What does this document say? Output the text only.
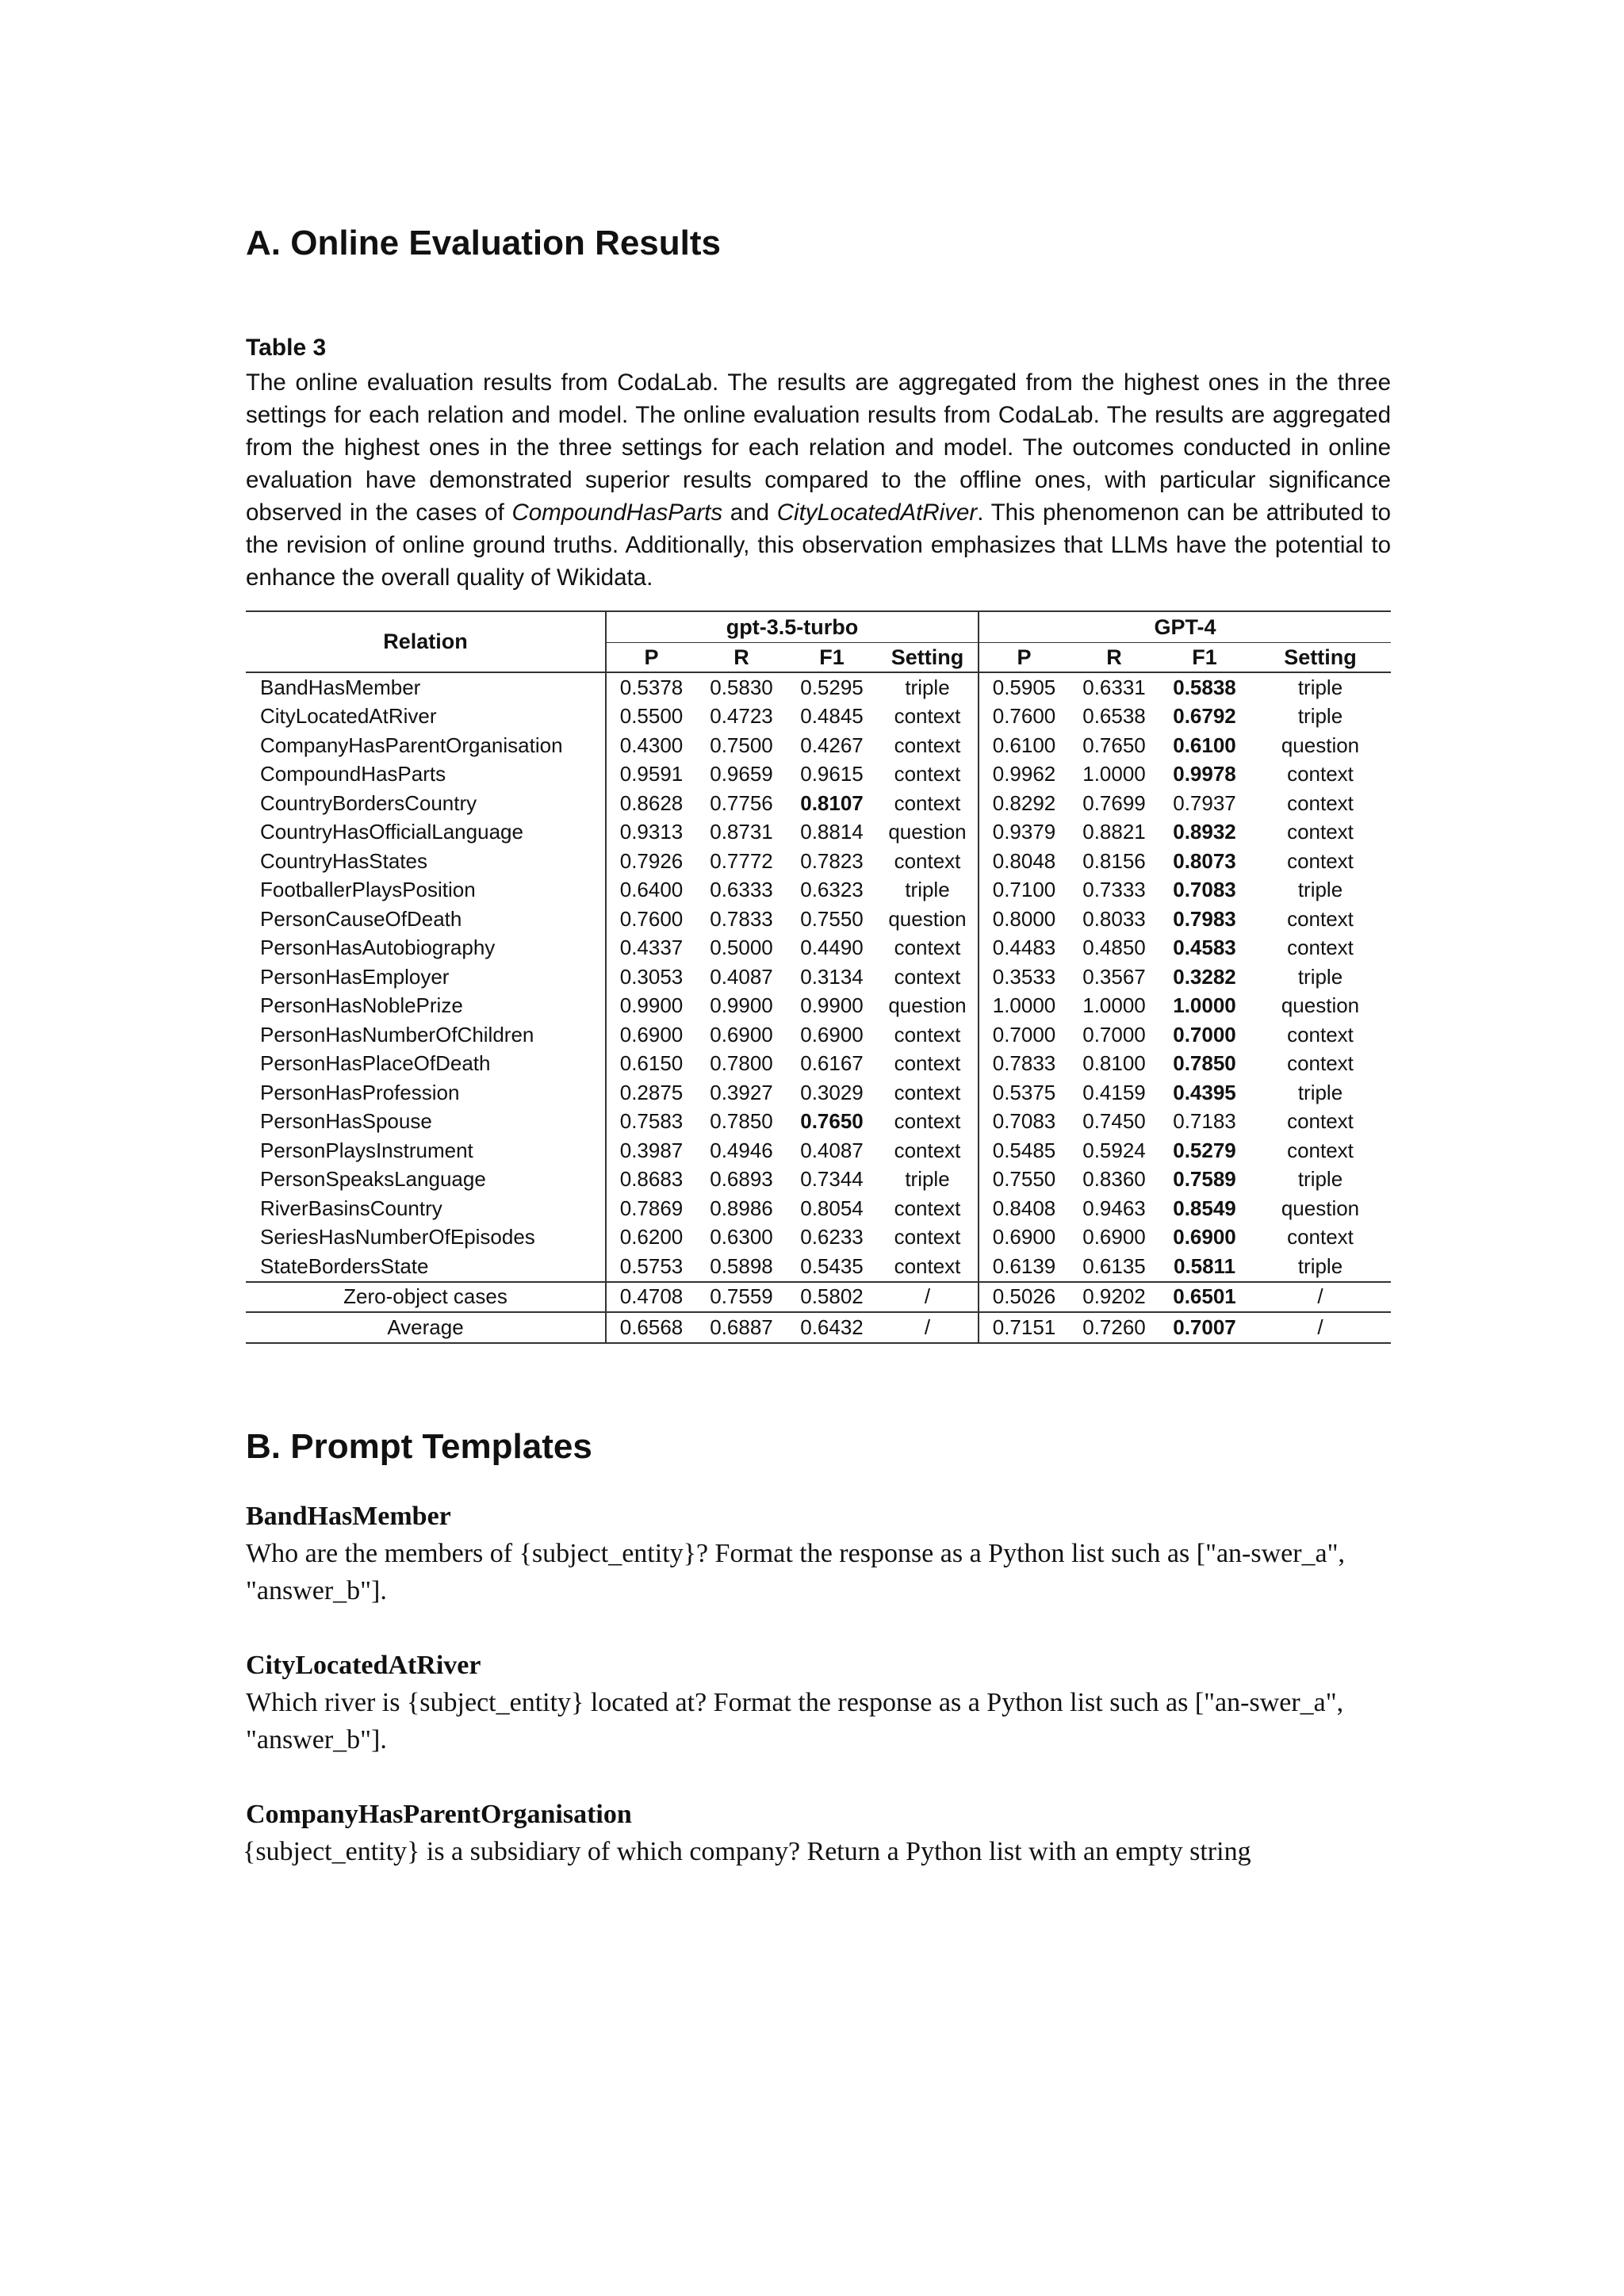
A. Online Evaluation Results
Table 3
The online evaluation results from CodaLab. The results are aggregated from the highest ones in the three settings for each relation and model. The online evaluation results from CodaLab. The results are aggregated from the highest ones in the three settings for each relation and model. The outcomes conducted in online evaluation have demonstrated superior results compared to the offline ones, with particular significance observed in the cases of CompoundHasParts and CityLocatedAtRiver. This phenomenon can be attributed to the revision of online ground truths. Additionally, this observation emphasizes that LLMs have the potential to enhance the overall quality of Wikidata.
Relation	gpt-3.5-turbo				GPT-4			
	P	R	F1	Setting	P	R	F1	Setting
BandHasMember	0.5378	0.5830	0.5295	triple	0.5905	0.6331	0.5838	triple
CityLocatedAtRiver	0.5500	0.4723	0.4845	context	0.7600	0.6538	0.6792	triple
CompanyHasParentOrganisation	0.4300	0.7500	0.4267	context	0.6100	0.7650	0.6100	question
CompoundHasParts	0.9591	0.9659	0.9615	context	0.9962	1.0000	0.9978	context
CountryBordersCountry	0.8628	0.7756	0.8107	context	0.8292	0.7699	0.7937	context
CountryHasOfficialLanguage	0.9313	0.8731	0.8814	question	0.9379	0.8821	0.8932	context
CountryHasStates	0.7926	0.7772	0.7823	context	0.8048	0.8156	0.8073	context
FootballerPlaysPosition	0.6400	0.6333	0.6323	triple	0.7100	0.7333	0.7083	triple
PersonCauseOfDeath	0.7600	0.7833	0.7550	question	0.8000	0.8033	0.7983	context
PersonHasAutobiography	0.4337	0.5000	0.4490	context	0.4483	0.4850	0.4583	context
PersonHasEmployer	0.3053	0.4087	0.3134	context	0.3533	0.3567	0.3282	triple
PersonHasNoblePrize	0.9900	0.9900	0.9900	question	1.0000	1.0000	1.0000	question
PersonHasNumberOfChildren	0.6900	0.6900	0.6900	context	0.7000	0.7000	0.7000	context
PersonHasPlaceOfDeath	0.6150	0.7800	0.6167	context	0.7833	0.8100	0.7850	context
PersonHasProfession	0.2875	0.3927	0.3029	context	0.5375	0.4159	0.4395	triple
PersonHasSpouse	0.7583	0.7850	0.7650	context	0.7083	0.7450	0.7183	context
PersonPlaysInstrument	0.3987	0.4946	0.4087	context	0.5485	0.5924	0.5279	context
PersonSpeaksLanguage	0.8683	0.6893	0.7344	triple	0.7550	0.8360	0.7589	triple
RiverBasinsCountry	0.7869	0.8986	0.8054	context	0.8408	0.9463	0.8549	question
SeriesHasNumberOfEpisodes	0.6200	0.6300	0.6233	context	0.6900	0.6900	0.6900	context
StateBordersState	0.5753	0.5898	0.5435	context	0.6139	0.6135	0.5811	triple
Zero-object cases	0.4708	0.7559	0.5802	/	0.5026	0.9202	0.6501	/
Average	0.6568	0.6887	0.6432	/	0.7151	0.7260	0.7007	/
B. Prompt Templates
BandHasMember
Who are the members of {subject_entity}? Format the response as a Python list such as ["an-swer_a", "answer_b"].
CityLocatedAtRiver
Which river is {subject_entity} located at? Format the response as a Python list such as ["an-swer_a", "answer_b"].
CompanyHasParentOrganisation
{subject_entity} is a subsidiary of which company? Return a Python list with an empty string
